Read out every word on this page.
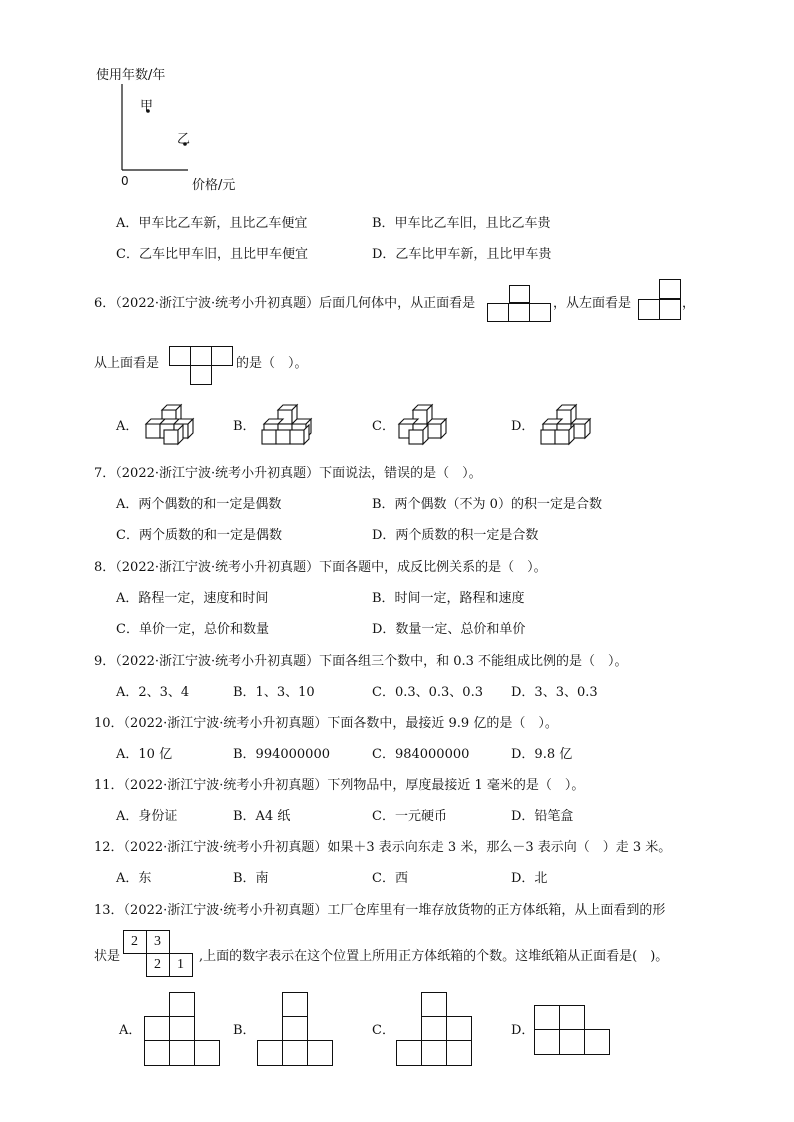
使用年数/年
甲
乙
0	价格/元
A．甲车比乙车新，且比乙车便宜	B．甲车比乙车旧，且比乙车贵
C．乙车比甲车旧，且比甲车便宜	D．乙车比甲车新，且比甲车贵
6．（2022·浙江宁波·统考小升初真题）后面几何体中，从正面看是	，从左面看是	，
从上面看是	的是（　）。
A．	B．	C．	D．
7．（2022·浙江宁波·统考小升初真题）下面说法，错误的是（　）。
A．两个偶数的和一定是偶数	B．两个偶数（不为 0）的积一定是合数
C．两个质数的和一定是偶数	D．两个质数的积一定是合数
8．（2022·浙江宁波·统考小升初真题）下面各题中，成反比例关系的是（　）。
A．路程一定，速度和时间	B．时间一定，路程和速度
C．单价一定，总价和数量	D．数量一定、总价和单价
9．（2022·浙江宁波·统考小升初真题）下面各组三个数中，和 0.3 不能组成比例的是（　）。
A．2、3、4	B．1、3、10	C．0.3、0.3、0.3 D．3、3、0.3
10．（2022·浙江宁波·统考小升初真题）下面各数中，最接近 9.9 亿的是（　）。
A．10 亿	B．994000000	C．984000000	D．9.8 亿
11．（2022·浙江宁波·统考小升初真题）下列物品中，厚度最接近 1 毫米的是（　）。
A．身份证	B．A4 纸	C．一元硬币	D．铅笔盒
12．（2022·浙江宁波·统考小升初真题）如果＋3 表示向东走 3 米，那么－3 表示向（　）走 3 米。
A．东	B．南	C．西	D．北
13．（2022·浙江宁波·统考小升初真题）工厂仓库里有一堆存放货物的正方体纸箱，从上面看到的形
状是
2	3
2	1
,上面的数字表示在这个位置上所用正方体纸箱的个数。这堆纸箱从正面看是(　)。
A．	B．	C．	D．
